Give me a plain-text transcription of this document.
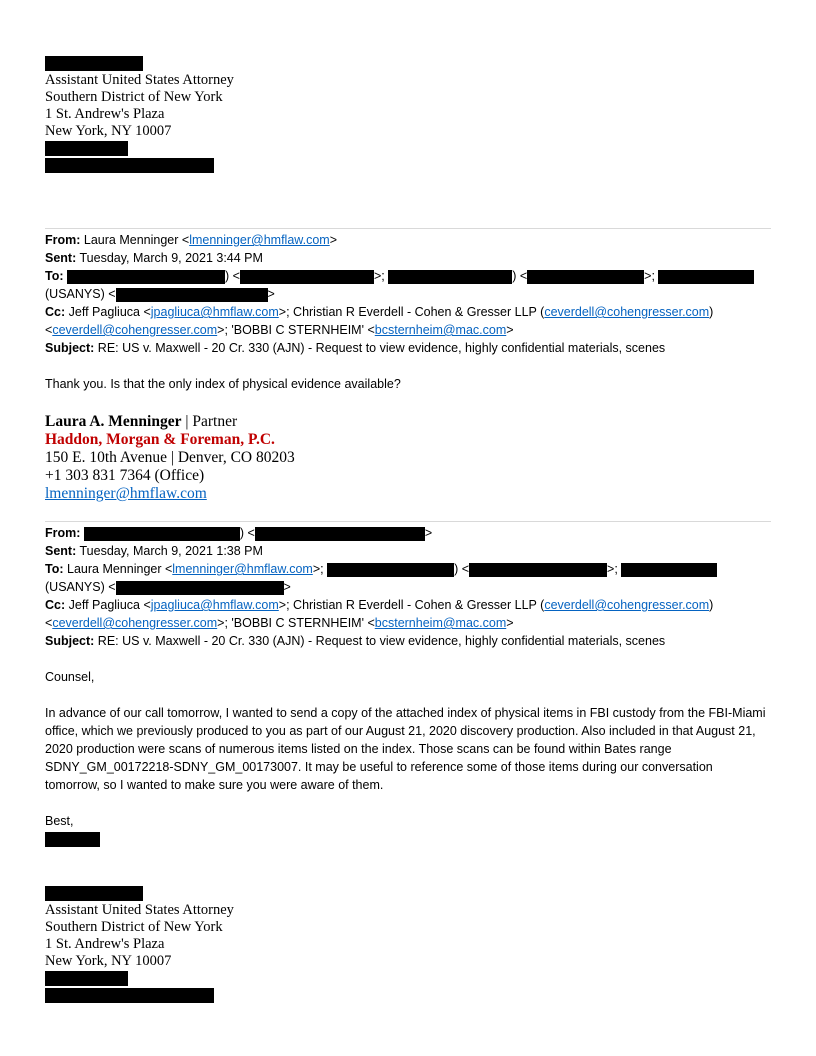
Assistant United States Attorney
Southern District of New York
1 St. Andrew's Plaza
New York, NY 10007
From: Laura Menninger <lmenninger@hmflaw.com>
Sent: Tuesday, March 9, 2021 3:44 PM
To:	) <	>;	) <	>;
(USANYS) <	>
Cc: Jeff Pagliuca <jpagliuca@hmflaw.com>; Christian R Everdell - Cohen & Gresser LLP (ceverdell@cohengresser.com)
<ceverdell@cohengresser.com>; 'BOBBI C STERNHEIM' <bcsternheim@mac.com>
Subject: RE: US v. Maxwell - 20 Cr. 330 (AJN) - Request to view evidence, highly confidential materials, scenes
Thank you. Is that the only index of physical evidence available?
Laura A. Menninger | Partner
Haddon, Morgan & Foreman, P.C.
150 E. 10th Avenue | Denver, CO 80203
+1 303 831 7364 (Office)
lmenninger@hmflaw.com
From:	) <	>
Sent: Tuesday, March 9, 2021 1:38 PM
To: Laura Menninger <lmenninger@hmflaw.com>;	) <	>;
(USANYS) <	>
Cc: Jeff Pagliuca <jpagliuca@hmflaw.com>; Christian R Everdell - Cohen & Gresser LLP (ceverdell@cohengresser.com)
<ceverdell@cohengresser.com>; 'BOBBI C STERNHEIM' <bcsternheim@mac.com>
Subject: RE: US v. Maxwell - 20 Cr. 330 (AJN) - Request to view evidence, highly confidential materials, scenes
Counsel,
In advance of our call tomorrow, I wanted to send a copy of the attached index of physical items in FBI custody from the FBI-Miami office, which we previously produced to you as part of our August 21, 2020 discovery production. Also included in that August 21, 2020 production were scans of numerous items listed on the index. Those scans can be found within Bates range SDNY_GM_00172218-SDNY_GM_00173007. It may be useful to reference some of those items during our conversation tomorrow, so I wanted to make sure you were aware of them.
Best,
Assistant United States Attorney
Southern District of New York
1 St. Andrew's Plaza
New York, NY 10007
